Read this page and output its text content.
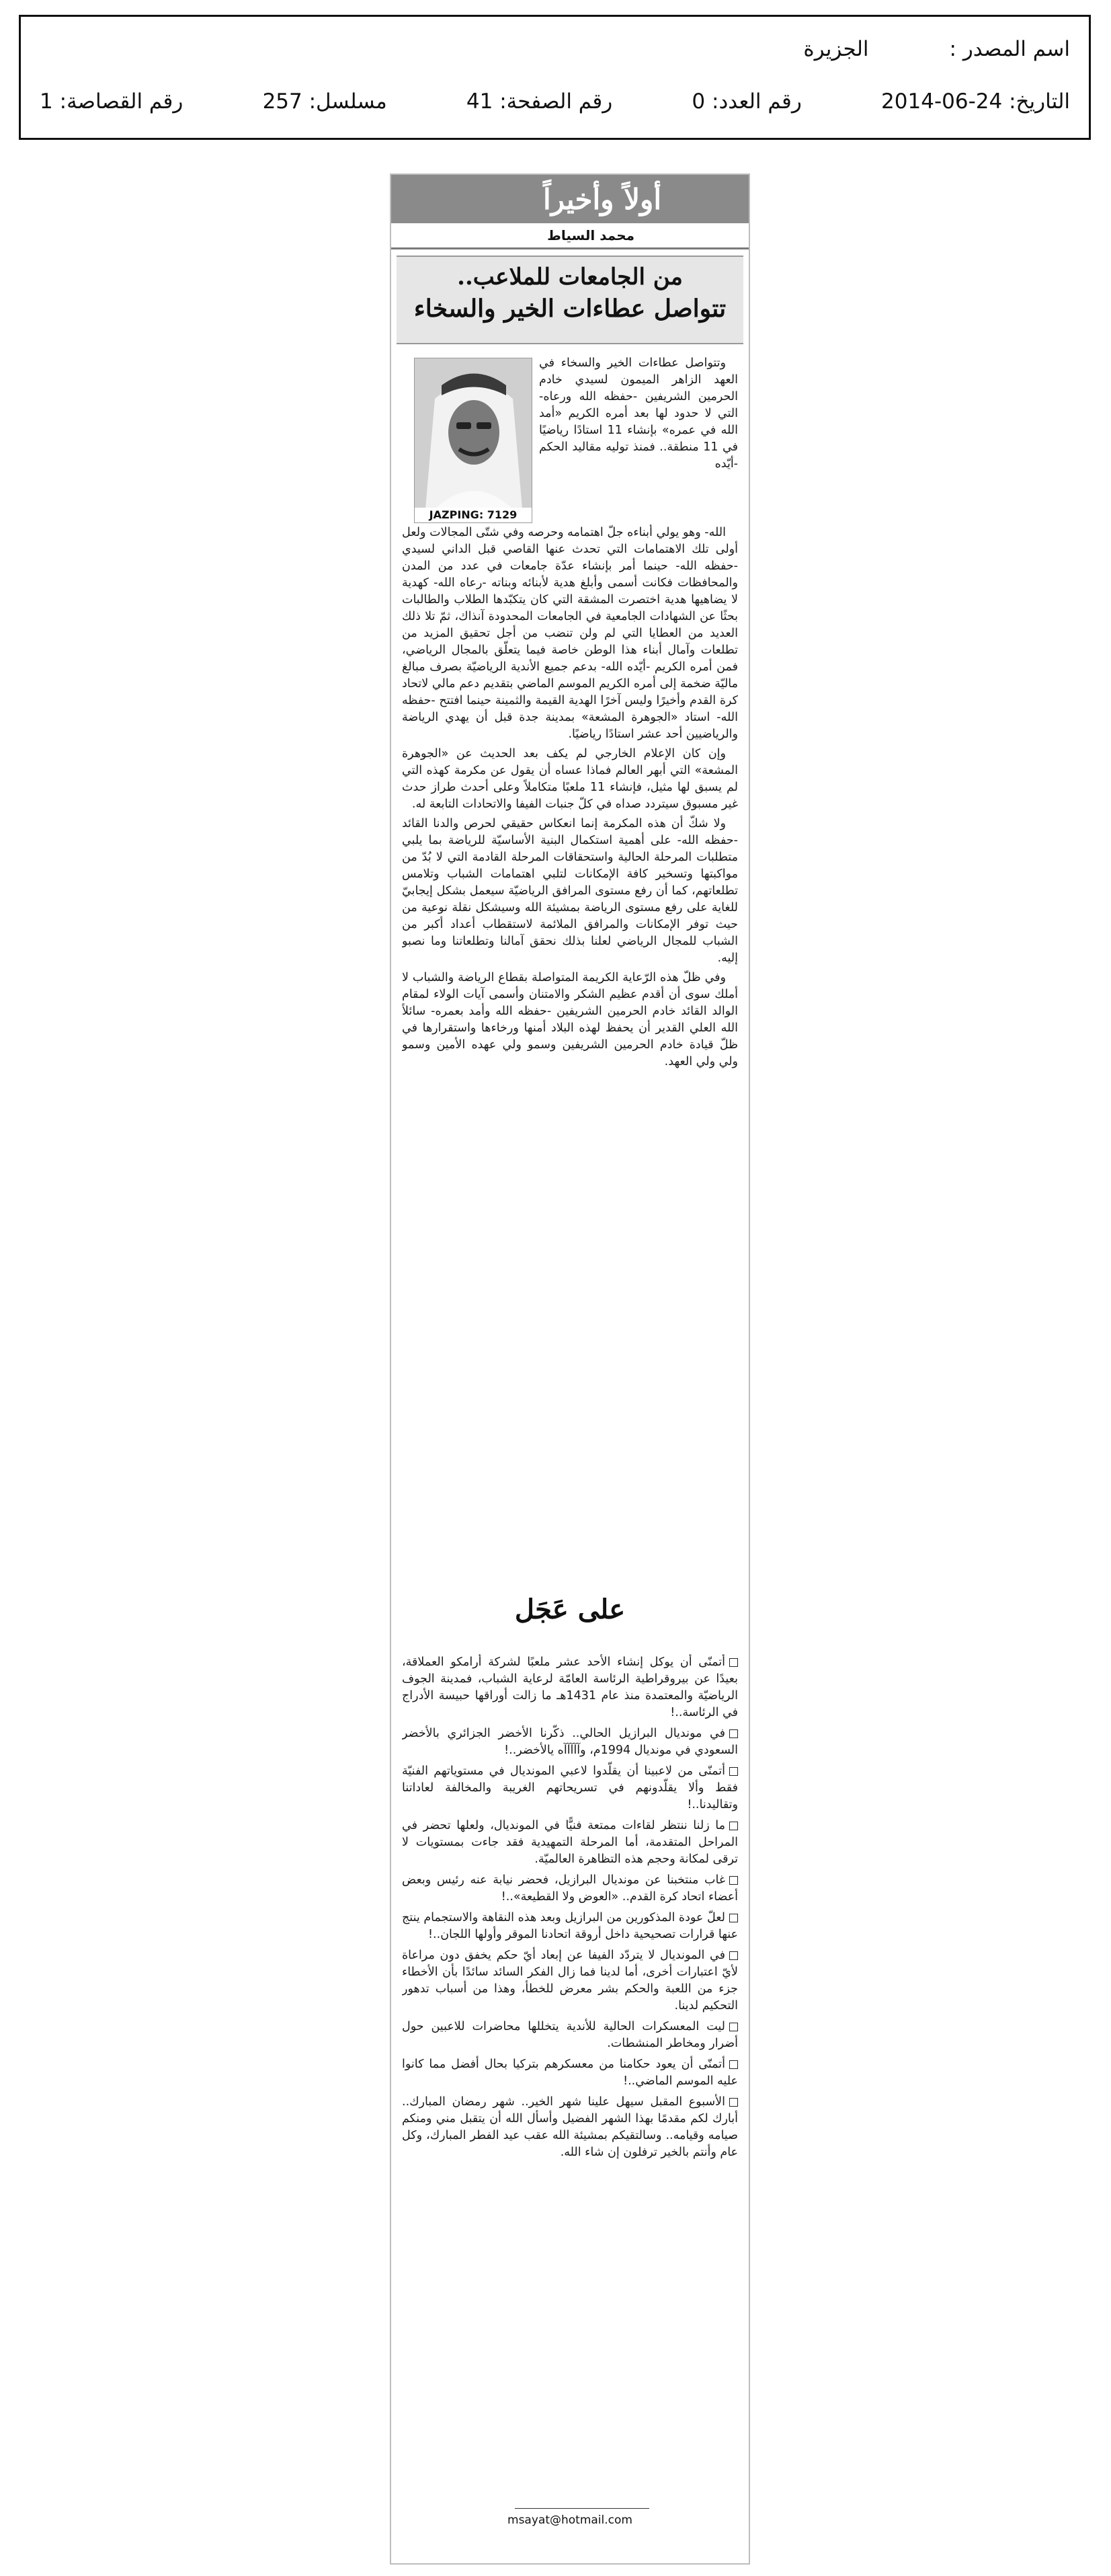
اسم المصدر :
الجزيرة
التاريخ: 24-06-2014
رقم العدد: 0
رقم الصفحة: 41
مسلسل: 257
رقم القصاصة: 1
أولاً وأخيراً
محمد السياط
من الجامعات للملاعب..
تتواصل عطاءات الخير والسخاء
JAZPING: 7129

وتتواصل عطاءات الخير والسخاء في العهد الزاهر الميمون لسيدي خادم الحرمين الشريفين -حفظه الله ورعاه- التي لا حدود لها بعد أمره الكريم «أمد الله في عمره» بإنشاء 11 استادًا رياضيًا في 11 منطقة.. فمنذ توليه مقاليد الحكم -أيّده

الله- وهو يولي أبناءه جلّ اهتمامه وحرصه وفي شتّى المجالات ولعل أولى تلك الاهتمامات التي تحدث عنها القاصي قبل الداني لسيدي -حفظه الله- حينما أمر بإنشاء عدّة جامعات في عدد من المدن والمحافظات فكانت أسمى وأبلغ هدية لأبنائه وبناته -رعاه الله- كهدية لا يضاهيها هدية اختصرت المشقة التي كان يتكبّدها الطلاب والطالبات بحثًا عن الشهادات الجامعية في الجامعات المحدودة آنذاك، ثمّ تلا ذلك العديد من العطايا التي لم ولن تنضب من أجل تحقيق المزيد من تطلعات وآمال أبناء هذا الوطن خاصة فيما يتعلّق بالمجال الرياضي، فمن أمره الكريم -أيّده الله- بدعم جميع الأندية الرياضيّة بصرف مبالغ ماليّة ضخمة إلى أمره الكريم الموسم الماضي بتقديم دعم مالي لاتحاد كرة القدم وأخيرًا وليس آخرًا الهدية القيمة والثمينة حينما افتتح -حفظه الله- استاد «الجوهرة المشعة» بمدينة جدة قبل أن يهدي الرياضة والرياضيين أحد عشر استادًا رياضيًا.

وإن كان الإعلام الخارجي لم يكف بعد الحديث عن «الجوهرة المشعة» التي أبهر العالم فماذا عساه أن يقول عن مكرمة كهذه التي لم يسبق لها مثيل، فإنشاء 11 ملعبًا متكاملاً وعلى أحدث طراز حدث غير مسبوق سيتردد صداه في كلّ جنبات الفيفا والاتحادات التابعة له.

ولا شكّ أن هذه المكرمة إنما انعكاس حقيقي لحرص والدنا القائد -حفظه الله- على أهمية استكمال البنية الأساسيّة للرياضة بما يلبي متطلبات المرحلة الحالية واستحقاقات المرحلة القادمة التي لا بُدّ من مواكبتها وتسخير كافة الإمكانات لتلبي اهتمامات الشباب وتلامس تطلعاتهم، كما أن رفع مستوى المرافق الرياضيّة سيعمل بشكل إيجابيّ للغاية على رفع مستوى الرياضة بمشيئة الله وسيشكل نقلة نوعية من حيث توفر الإمكانات والمرافق الملائمة لاستقطاب أعداد أكبر من الشباب للمجال الرياضي لعلنا بذلك نحقق آمالنا وتطلعاتنا وما نصبو إليه.

وفي ظلّ هذه الرّعاية الكريمة المتواصلة بقطاع الرياضة والشباب لا أملك سوى أن أقدم عظيم الشكر والامتنان وأسمى آيات الولاء لمقام الوالد القائد خادم الحرمين الشريفين -حفظه الله وأمد بعمره- سائلاً الله العلي القدير أن يحفظ لهذه البلاد أمنها ورخاءها واستقرارها في ظلّ قيادة خادم الحرمين الشريفين وسمو ولي عهده الأمين وسمو ولي ولي العهد.

على عَجَل

أتمنّى أن يوكل إنشاء الأحد عشر ملعبًا لشركة أرامكو العملاقة، بعيدًا عن بيروقراطية الرئاسة العامّة لرعاية الشباب، فمدينة الجوف الرياضيّة والمعتمدة منذ عام 1431هـ ما زالت أوراقها حبيسة الأدراج في الرئاسة..!

في مونديال البرازيل الحالي.. ذكّرنا الأخضر الجزائري بالأخضر السعودي في مونديال 1994م، وآآآآآه يالأخضر..!

أتمنّى من لاعبينا أن يقلّدوا لاعبي المونديال في مستوياتهم الفنيّة فقط وألا يقلّدونهم في تسريحاتهم الغريبة والمخالفة لعاداتنا وتقاليدنا..!

ما زلنا ننتظر لقاءات ممتعة فنيًّا في المونديال، ولعلها تحضر في المراحل المتقدمة، أما المرحلة التمهيدية فقد جاءت بمستويات لا ترقى لمكانة وحجم هذه التظاهرة العالميّة.

غاب منتخبنا عن مونديال البرازيل، فحضر نيابة عنه رئيس وبعض أعضاء اتحاد كرة القدم.. «العوض ولا القطيعة»..!

لعلّ عودة المذكورين من البرازيل وبعد هذه النقاهة والاستجمام ينتج عنها قرارات تصحيحية داخل أروقة اتحادنا الموقر وأولها اللجان..!

في المونديال لا يتردّد الفيفا عن إبعاد أيّ حكم يخفق دون مراعاة لأيّ اعتبارات أخرى، أما لدينا فما زال الفكر السائد سائدًا بأن الأخطاء جزء من اللعبة والحكم بشر معرض للخطأ، وهذا من أسباب تدهور التحكيم لدينا.

ليت المعسكرات الحالية للأندية يتخللها محاضرات للاعبين حول أضرار ومخاطر المنشطات.

أتمنّى أن يعود حكامنا من معسكرهم بتركيا بحال أفضل مما كانوا عليه الموسم الماضي..!

الأسبوع المقبل سيهل علينا شهر الخير.. شهر رمضان المبارك.. أبارك لكم مقدمًا بهذا الشهر الفضيل وأسأل الله أن يتقبل مني ومنكم صيامه وقيامه.. وسالتقيكم بمشيئة الله عقب عيد الفطر المبارك، وكل عام وأنتم بالخير ترفلون إن شاء الله.

msayat@hotmail.com
